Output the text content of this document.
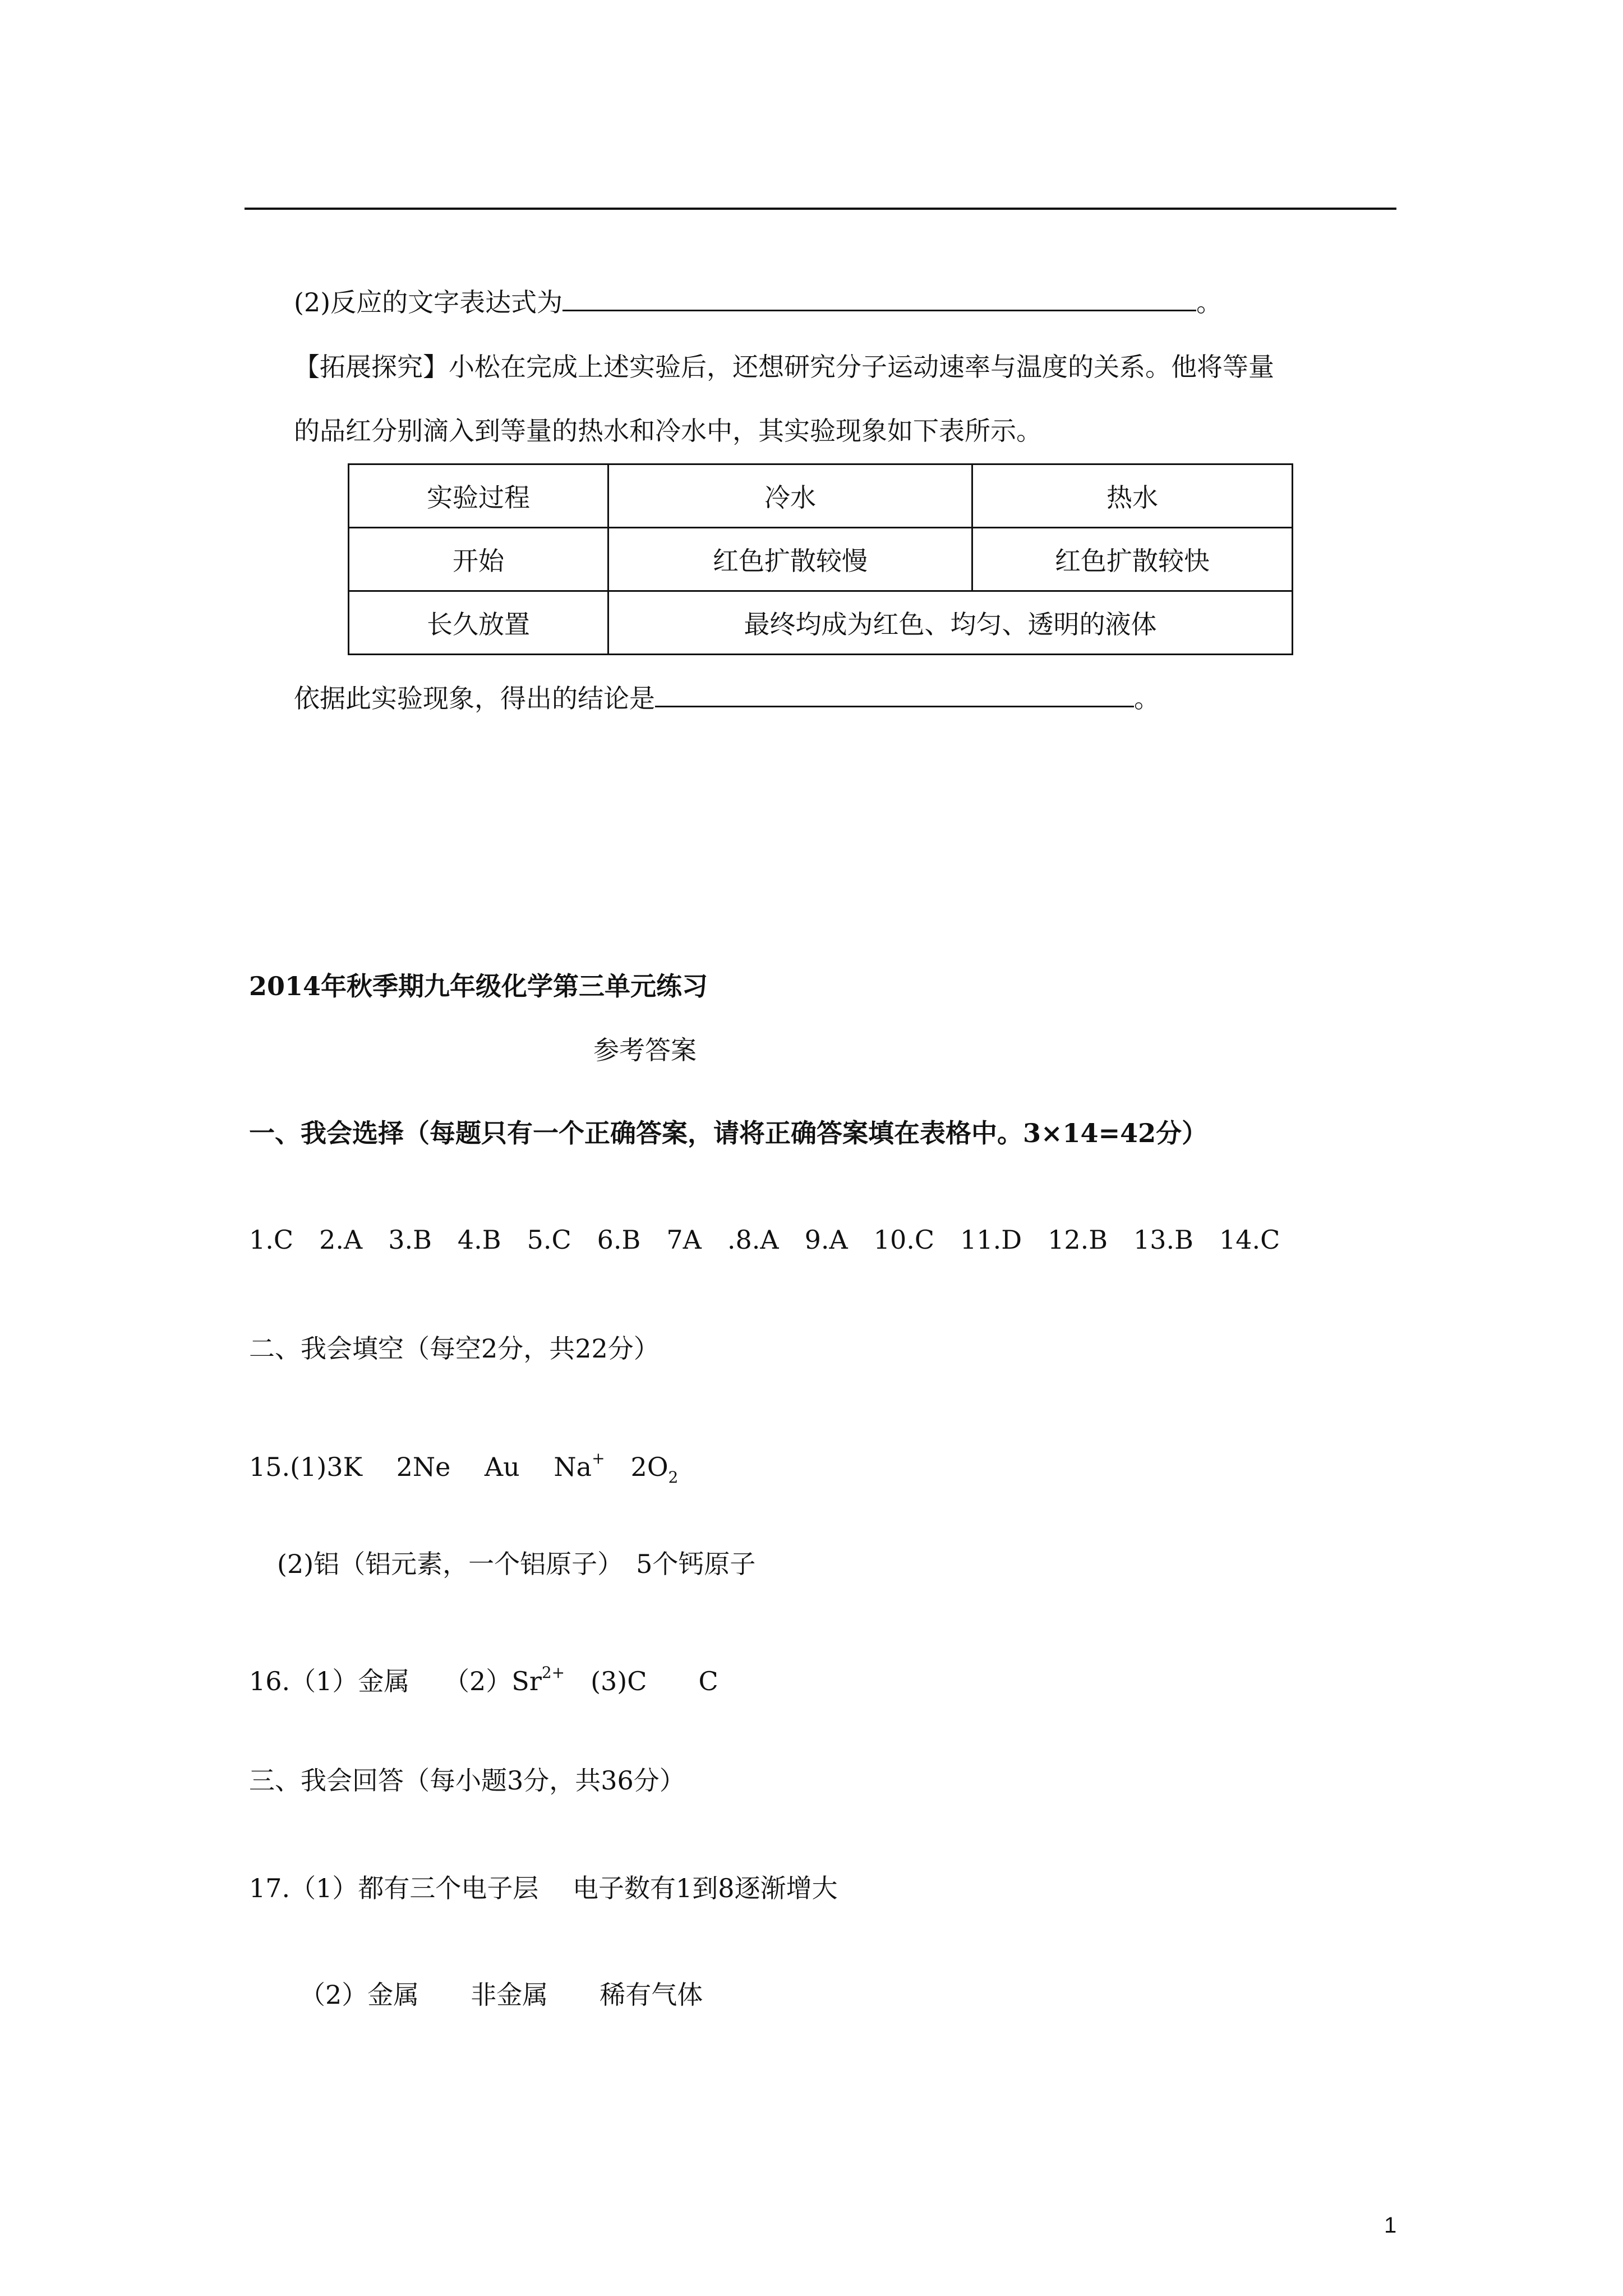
(2)反应的文字表达式为	。
【拓展探究】小松在完成上述实验后，还想研究分子运动速率与温度的关系。他将等量
的品红分别滴入到等量的热水和冷水中，其实验现象如下表所示。
实验过程	冷水	热水
开始	红色扩散较慢	红色扩散较快
长久放置	最终均成为红色、均匀、透明的液体	
依据此实验现象，得出的结论是	。
2014年秋季期九年级化学第三单元练习
参考答案
一、我会选择（每题只有一个正确答案，请将正确答案填在表格中。3×14=42分）
1.C　2.A　3.B　4.B　5.C　6.B　7A　.8.A　9.A　10.C　11.D　12.B　13.B　14.C
二、我会填空（每空2分，共22分）
15.(1)3K　 2Ne　 Au　 Na+　$2O_2$
(2)铝（铝元素，一个铝原子）　5个钙原子
16.（1）金属　 $(2)Sr^{2+}$　(3)C　　C
三、我会回答（每小题3分，共36分）
17.（1）都有三个电子层　 电子数有1到8逐渐增大
（2）金属　　非金属　　稀有气体
1
